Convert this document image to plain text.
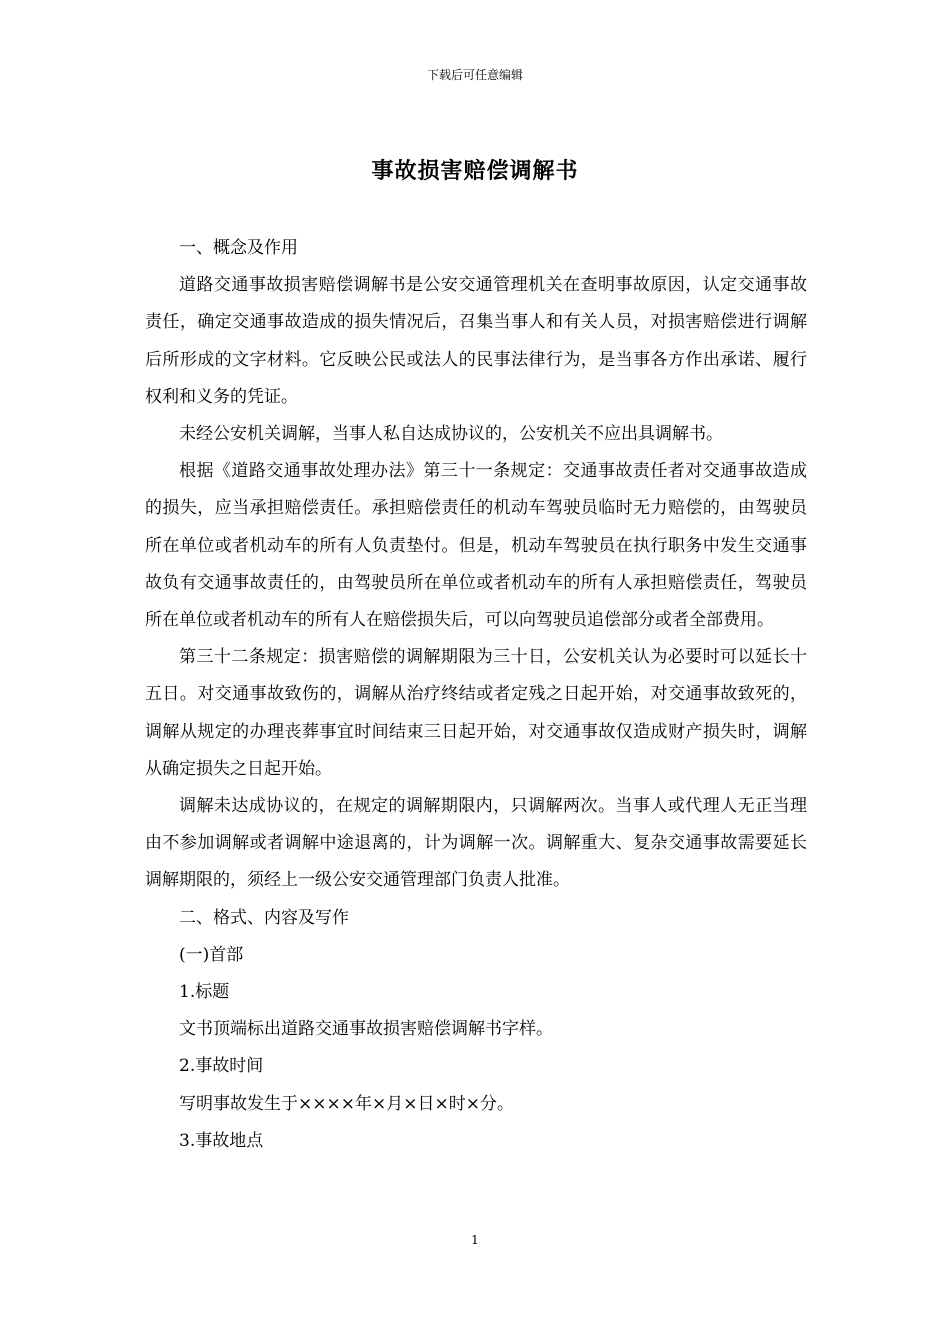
下载后可任意编辑
事故损害赔偿调解书

一、概念及作用

道路交通事故损害赔偿调解书是公安交通管理机关在查明事故原因，认定交通事故责任，确定交通事故造成的损失情况后，召集当事人和有关人员，对损害赔偿进行调解后所形成的文字材料。它反映公民或法人的民事法律行为，是当事各方作出承诺、履行权利和义务的凭证。

未经公安机关调解，当事人私自达成协议的，公安机关不应出具调解书。

根据《道路交通事故处理办法》第三十一条规定：交通事故责任者对交通事故造成的损失，应当承担赔偿责任。承担赔偿责任的机动车驾驶员临时无力赔偿的，由驾驶员所在单位或者机动车的所有人负责垫付。但是，机动车驾驶员在执行职务中发生交通事故负有交通事故责任的，由驾驶员所在单位或者机动车的所有人承担赔偿责任，驾驶员所在单位或者机动车的所有人在赔偿损失后，可以向驾驶员追偿部分或者全部费用。

第三十二条规定：损害赔偿的调解期限为三十日，公安机关认为必要时可以延长十五日。对交通事故致伤的，调解从治疗终结或者定残之日起开始，对交通事故致死的，调解从规定的办理丧葬事宜时间结束三日起开始，对交通事故仅造成财产损失时，调解从确定损失之日起开始。

调解未达成协议的，在规定的调解期限内，只调解两次。当事人或代理人无正当理由不参加调解或者调解中途退离的，计为调解一次。调解重大、复杂交通事故需要延长调解期限的，须经上一级公安交通管理部门负责人批准。

二、格式、内容及写作

(一)首部

1.标题

文书顶端标出道路交通事故损害赔偿调解书字样。

2.事故时间

写明事故发生于××××年×月×日×时×分。

3.事故地点

1
